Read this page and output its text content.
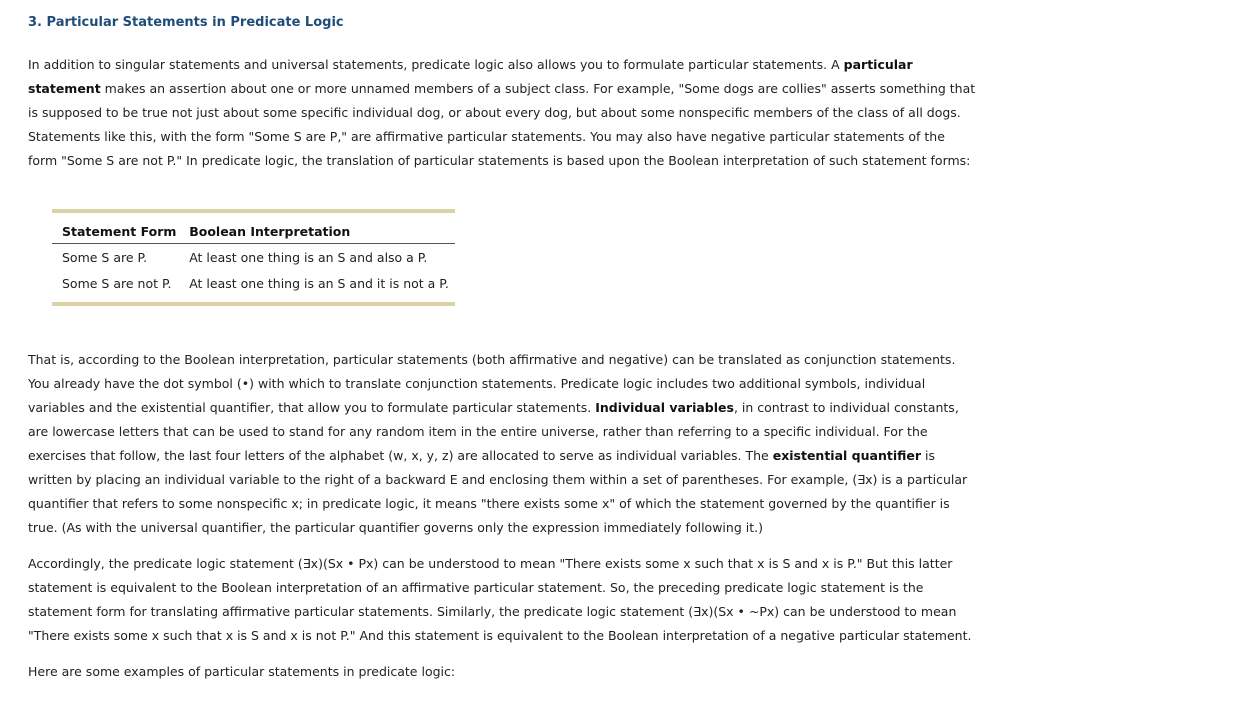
3. Particular Statements in Predicate Logic

In addition to singular statements and universal statements, predicate logic also allows you to formulate particular statements. A particular
statement makes an assertion about one or more unnamed members of a subject class. For example, "Some dogs are collies" asserts something that
is supposed to be true not just about some specific individual dog, or about every dog, but about some nonspecific members of the class of all dogs.
Statements like this, with the form "Some S are P," are affirmative particular statements. You may also have negative particular statements of the
form "Some S are not P." In predicate logic, the translation of particular statements is based upon the Boolean interpretation of such statement forms:

Statement Form	Boolean Interpretation
Some S are P.	At least one thing is an S and also a P.
Some S are not P.	At least one thing is an S and it is not a P.

That is, according to the Boolean interpretation, particular statements (both affirmative and negative) can be translated as conjunction statements.
You already have the dot symbol (•) with which to translate conjunction statements. Predicate logic includes two additional symbols, individual
variables and the existential quantifier, that allow you to formulate particular statements. Individual variables, in contrast to individual constants,
are lowercase letters that can be used to stand for any random item in the entire universe, rather than referring to a specific individual. For the
exercises that follow, the last four letters of the alphabet (w, x, y, z) are allocated to serve as individual variables. The existential quantifier is
written by placing an individual variable to the right of a backward E and enclosing them within a set of parentheses. For example, (∃x) is a particular
quantifier that refers to some nonspecific x; in predicate logic, it means "there exists some x" of which the statement governed by the quantifier is
true. (As with the universal quantifier, the particular quantifier governs only the expression immediately following it.)

Accordingly, the predicate logic statement (∃x)(Sx • Px) can be understood to mean "There exists some x such that x is S and x is P." But this latter
statement is equivalent to the Boolean interpretation of an affirmative particular statement. So, the preceding predicate logic statement is the
statement form for translating affirmative particular statements. Similarly, the predicate logic statement (∃x)(Sx • ~Px) can be understood to mean
"There exists some x such that x is S and x is not P." And this statement is equivalent to the Boolean interpretation of a negative particular statement.

Here are some examples of particular statements in predicate logic:
